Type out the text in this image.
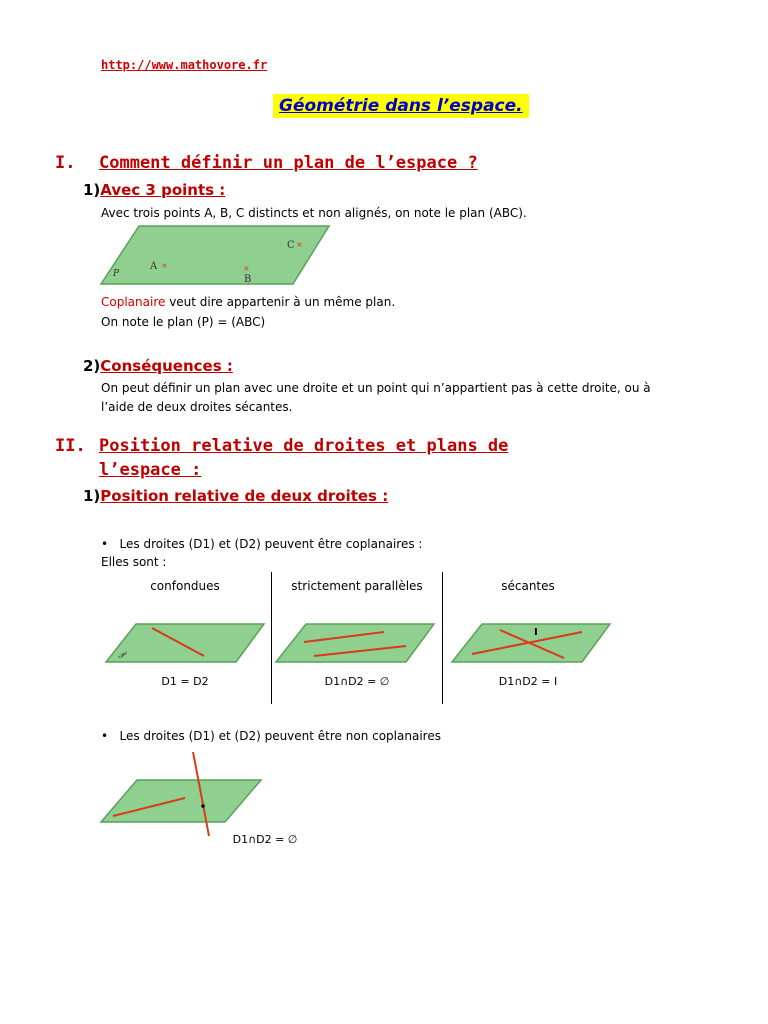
http://www.mathovore.fr
Géométrie dans l’espace.
I. Comment définir un plan de l’espace ?
1)Avec 3 points :
Avec trois points A, B, C distincts et non alignés, on note le plan (ABC).
P
A ×	×
B
C ×
Coplanaire veut dire appartenir à un même plan.
On note le plan (P) = (ABC)
2)Conséquences :
On peut définir un plan avec une droite et un point qui n’appartient pas à cette droite, ou à
l’aide de deux droites sécantes.
II. Position relative de droites et plans de
l’espace :
1)Position relative de deux droites :
•   Les droites (D1) et (D2) peuvent être coplanaires :
Elles sont :
confondues	strictement parallèles	sécantes
𝒫
I
D1 = D2	D1∩D2 = ∅	D1∩D2 = I
•   Les droites (D1) et (D2) peuvent être non coplanaires
D1∩D2 = ∅
